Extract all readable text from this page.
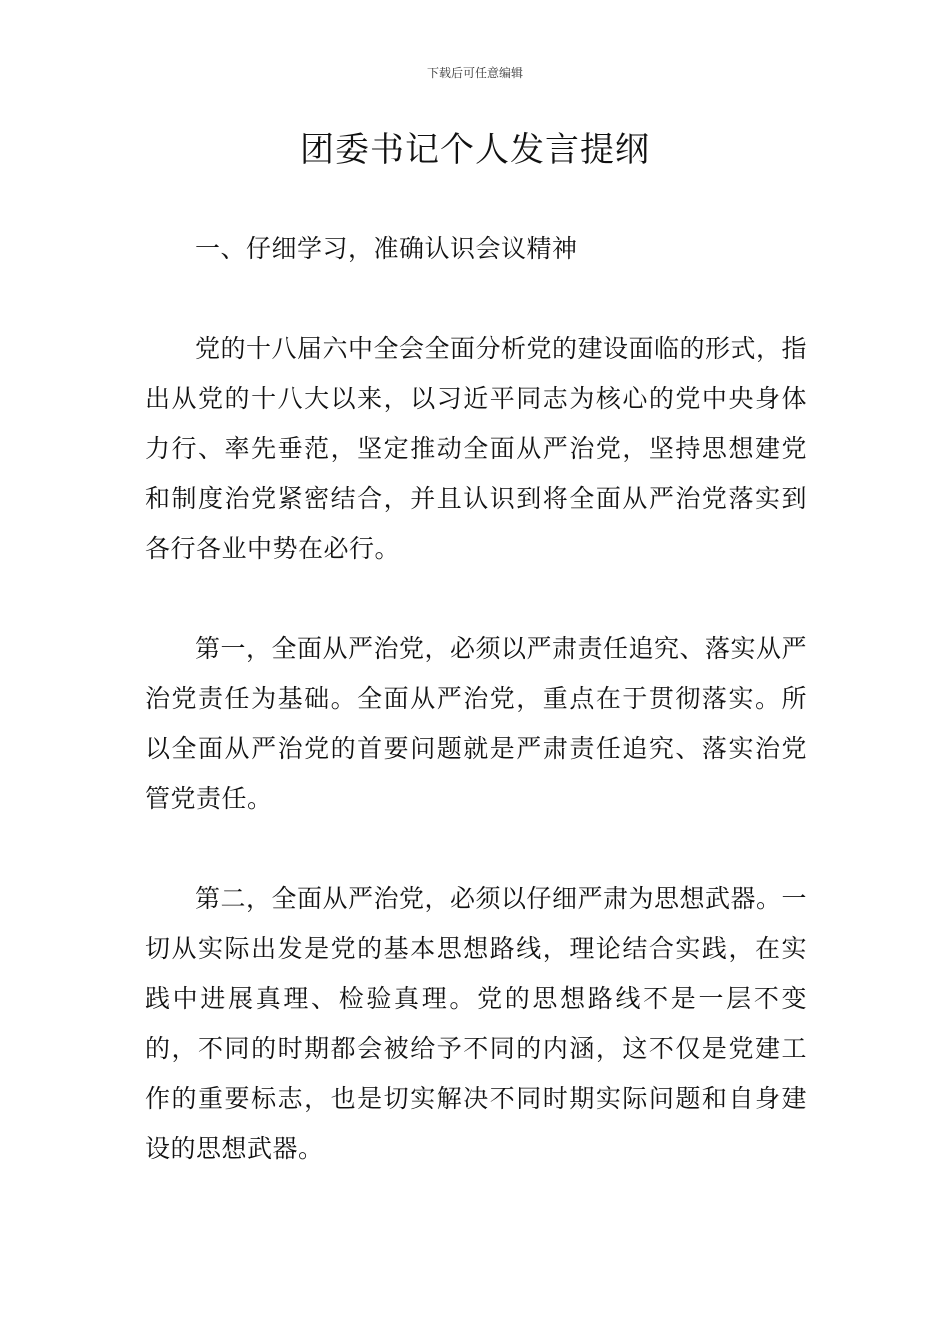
下载后可任意编辑
团委书记个人发言提纲

一、仔细学习，准确认识会议精神

党的十八届六中全会全面分析党的建设面临的形式，指出从党的十八大以来，以习近平同志为核心的党中央身体力行、率先垂范，坚定推动全面从严治党，坚持思想建党和制度治党紧密结合，并且认识到将全面从严治党落实到各行各业中势在必行。

第一，全面从严治党，必须以严肃责任追究、落实从严治党责任为基础。全面从严治党，重点在于贯彻落实。所以全面从严治党的首要问题就是严肃责任追究、落实治党管党责任。

第二，全面从严治党，必须以仔细严肃为思想武器。一切从实际出发是党的基本思想路线，理论结合实践，在实践中进展真理、检验真理。党的思想路线不是一层不变的，不同的时期都会被给予不同的内涵，这不仅是党建工作的重要标志，也是切实解决不同时期实际问题和自身建设的思想武器。
